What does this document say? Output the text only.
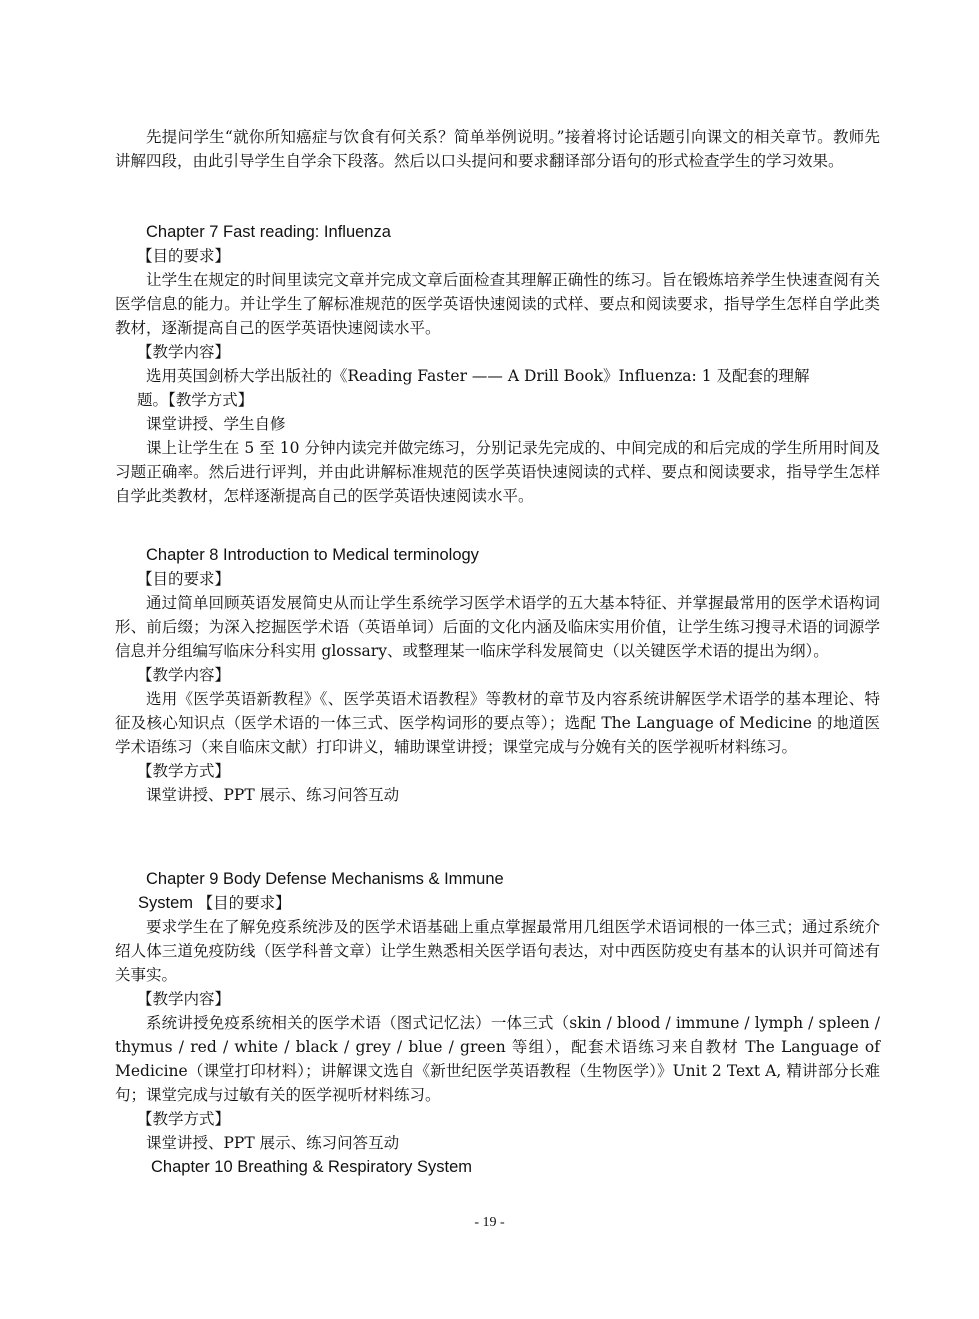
先提问学生“就你所知癌症与饮食有何关系？简单举例说明。”接着将讨论话题引向课文的相关章节。教师先讲解四段，由此引导学生自学余下段落。然后以口头提问和要求翻译部分语句的形式检查学生的学习效果。

Chapter 7 Fast reading: Influenza

【目的要求】

让学生在规定的时间里读完文章并完成文章后面检查其理解正确性的练习。旨在锻炼培养学生快速查阅有关医学信息的能力。并让学生了解标准规范的医学英语快速阅读的式样、要点和阅读要求，指导学生怎样自学此类教材，逐渐提高自己的医学英语快速阅读水平。

【教学内容】

选用英国剑桥大学出版社的《Reading Faster —— A Drill Book》Influenza: 1 及配套的理解

题。【教学方式】

课堂讲授、学生自修

课上让学生在 5 至 10 分钟内读完并做完练习，分别记录先完成的、中间完成的和后完成的学生所用时间及习题正确率。然后进行评判，并由此讲解标准规范的医学英语快速阅读的式样、要点和阅读要求，指导学生怎样自学此类教材，怎样逐渐提高自己的医学英语快速阅读水平。

Chapter 8 Introduction to Medical terminology

【目的要求】

通过简单回顾英语发展简史从而让学生系统学习医学术语学的五大基本特征、并掌握最常用的医学术语构词形、前后缀；为深入挖掘医学术语（英语单词）后面的文化内涵及临床实用价值，让学生练习搜寻术语的词源学信息并分组编写临床分科实用 glossary、或整理某一临床学科发展简史（以关键医学术语的提出为纲）。

【教学内容】

选用《医学英语新教程》《、医学英语术语教程》等教材的章节及内容系统讲解医学术语学的基本理论、特征及核心知识点（医学术语的一体三式、医学构词形的要点等）；选配 The Language of Medicine 的地道医学术语练习（来自临床文献）打印讲义，辅助课堂讲授；课堂完成与分娩有关的医学视听材料练习。

【教学方式】

课堂讲授、PPT 展示、练习问答互动

Chapter 9 Body Defense Mechanisms & Immune

System 【目的要求】

要求学生在了解免疫系统涉及的医学术语基础上重点掌握最常用几组医学术语词根的一体三式；通过系统介绍人体三道免疫防线（医学科普文章）让学生熟悉相关医学语句表达，对中西医防疫史有基本的认识并可简述有关事实。

【教学内容】

系统讲授免疫系统相关的医学术语（图式记忆法）一体三式（skin / blood / immune / lymph / spleen / thymus / red / white / black / grey / blue / green 等组），配套术语练习来自教材 The Language of Medicine（课堂打印材料）；讲解课文选自《新世纪医学英语教程（生物医学）》Unit 2 Text A, 精讲部分长难句；课堂完成与过敏有关的医学视听材料练习。

【教学方式】

课堂讲授、PPT 展示、练习问答互动

Chapter 10 Breathing & Respiratory System

- 19 -
